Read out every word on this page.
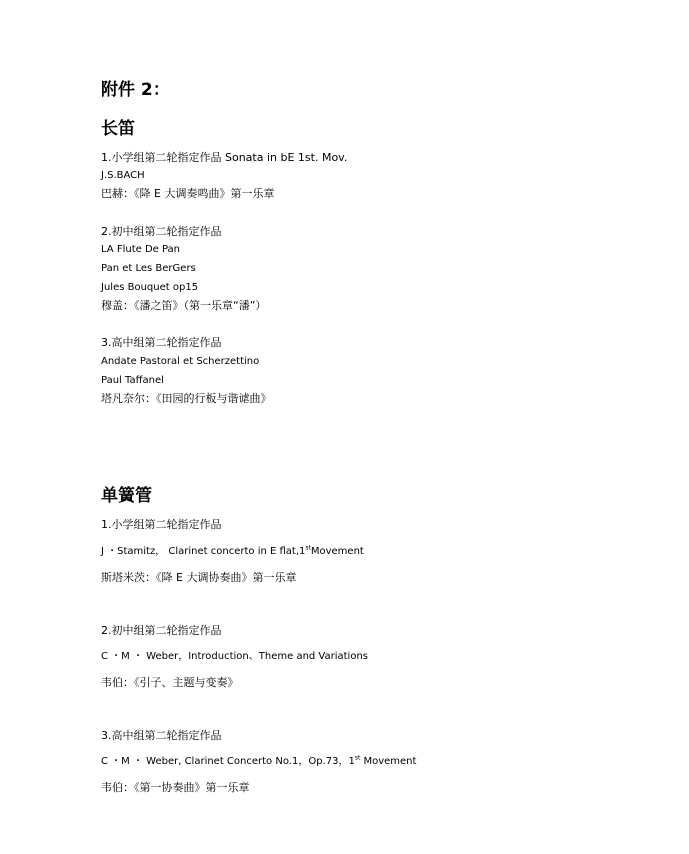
附件 2：
长笛
1.小学组第二轮指定作品 Sonata in bE 1st. Mov.
J.S.BACH
巴赫：《降 E 大调奏鸣曲》第一乐章
2.初中组第二轮指定作品
LA Flute De Pan
Pan et Les BerGers
Jules Bouquet op15
穆盖：《潘之笛》（第一乐章“潘”）
3.高中组第二轮指定作品
Andate Pastoral et Scherzettino
Paul Taffanel
塔凡奈尔：《田园的行板与谐谑曲》
单簧管
1.小学组第二轮指定作品
J ・Stamitz， Clarinet concerto in E flat,1stMovement
斯塔米茨：《降 E 大调协奏曲》第一乐章
2.初中组第二轮指定作品
C ・M ・ Weber，Introduction、Theme and Variations
韦伯：《引子、主题与变奏》
3.高中组第二轮指定作品
C ・M ・ Weber, Clarinet Concerto No.1，Op.73，1st Movement
韦伯：《第一协奏曲》第一乐章
